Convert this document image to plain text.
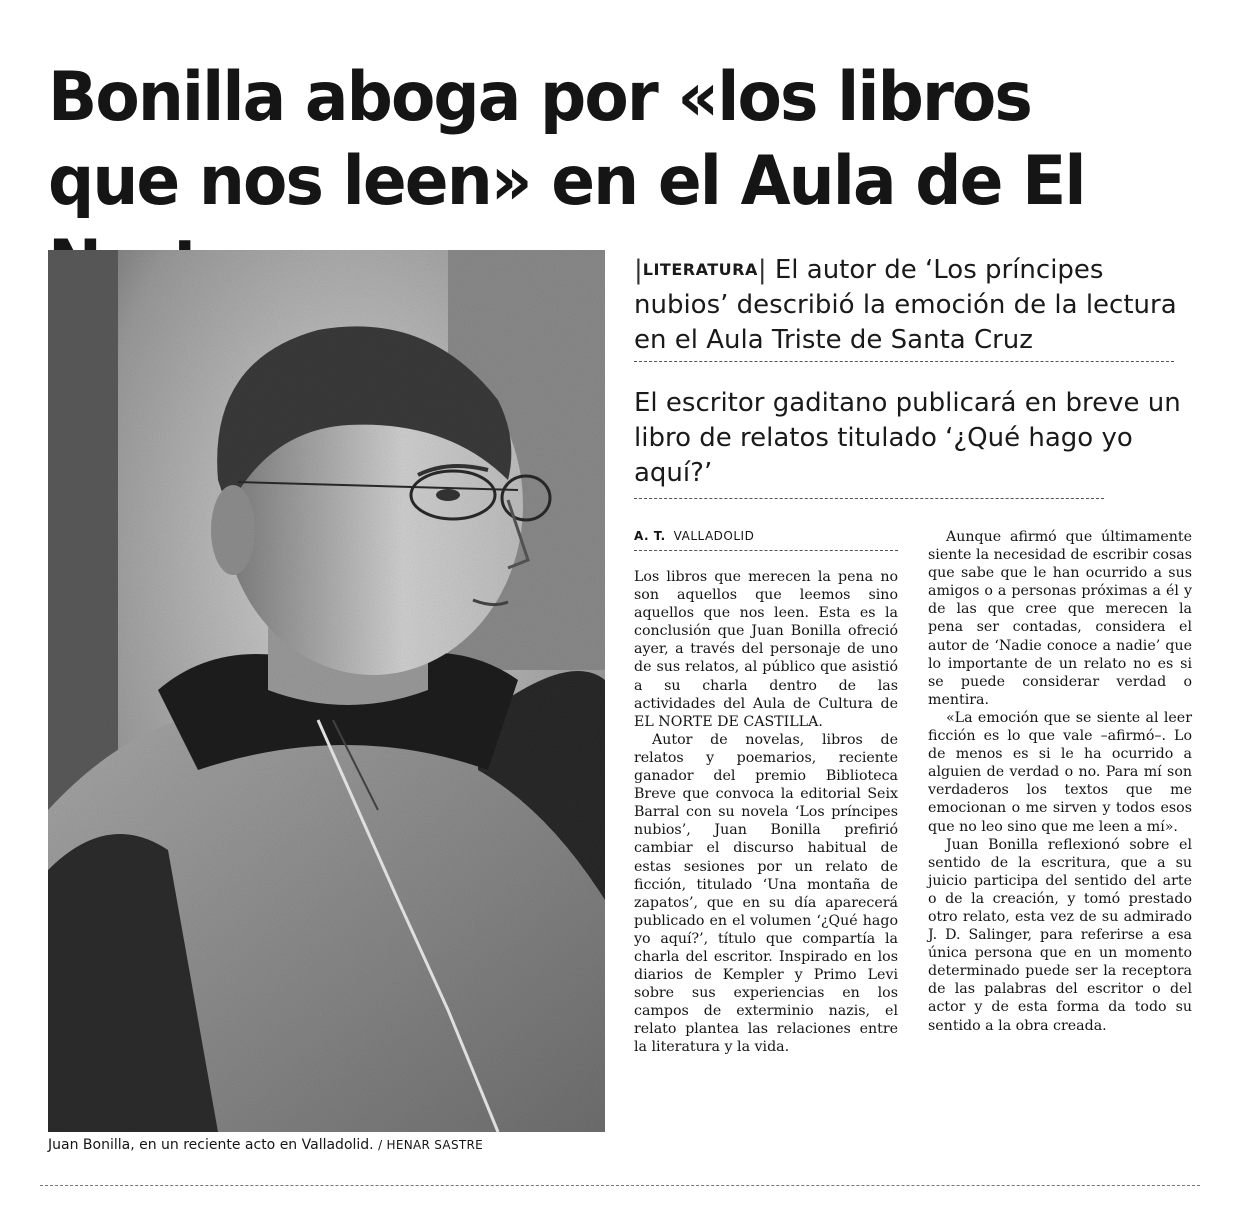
Bonilla aboga por «los libros que nos leen» en el Aula de El
Juan Bonilla, en un reciente acto en Valladolid. / HENAR SASTRE
|LITERATURA| El autor de ‘Los príncipes nubios’ describió la emoción de la lectura en el Aula Triste de Santa Cruz
El escritor gaditano publicará en breve un libro de relatos titulado ‘¿Qué hago yo aquí?’
A. T. VALLADOLID

Los libros que merecen la pena no son aquellos que leemos sino aquellos que nos leen. Esta es la conclusión que Juan Bonilla ofreció ayer, a través del personaje de uno de sus relatos, al público que asistió a su charla dentro de las actividades del Aula de Cultura de EL NORTE DE CASTILLA.

Autor de novelas, libros de relatos y poemarios, reciente ganador del premio Biblioteca Breve que convoca la editorial Seix Barral con su novela ‘Los príncipes nubios’, Juan Bonilla prefirió cambiar el discurso habitual de estas sesiones por un relato de ficción, titulado ‘Una montaña de zapatos’, que en su día aparecerá publicado en el volumen ‘¿Qué hago yo aquí?’, título que compartía la charla del escritor. Inspirado en los diarios de Kempler y Primo Levi sobre sus experiencias en los campos de exterminio nazis, el relato plantea las relaciones entre la literatura y la vida.

Aunque afirmó que últimamente siente la necesidad de escribir cosas que sabe que le han ocurrido a sus amigos o a personas próximas a él y de las que cree que merecen la pena ser contadas, considera el autor de ‘Nadie conoce a nadie’ que lo importante de un relato no es si se puede considerar verdad o mentira.

«La emoción que se siente al leer ficción es lo que vale –afirmó–. Lo de menos es si le ha ocurrido a alguien de verdad o no. Para mí son verdaderos los textos que me emocionan o me sirven y todos esos que no leo sino que me leen a mí».

Juan Bonilla reflexionó sobre el sentido de la escritura, que a su juicio participa del sentido del arte o de la creación, y tomó prestado otro relato, esta vez de su admirado J. D. Salinger, para referirse a esa única persona que en un momento determinado puede ser la receptora de las palabras del escritor o del actor y de esta forma da todo su sentido a la obra creada.
